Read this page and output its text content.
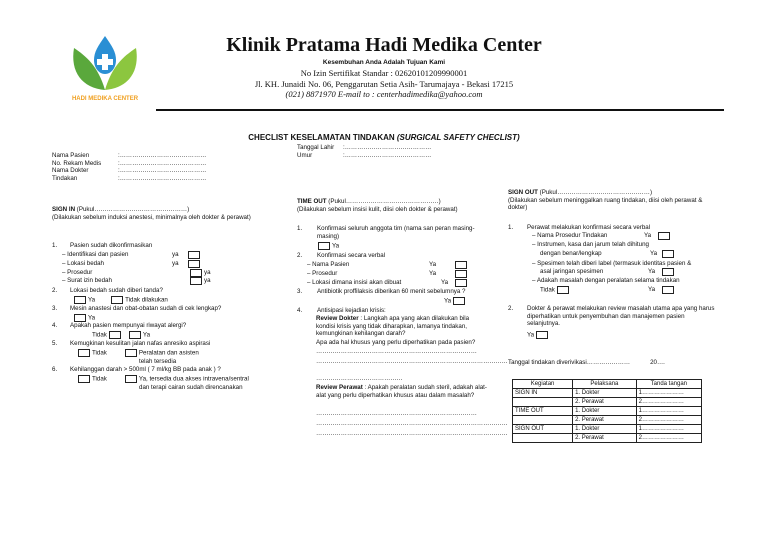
HADI MEDIKA CENTER
Klinik Pratama Hadi Medika Center
Kesembuhan Anda Adalah Tujuan Kami
No Izin Sertifikat Standar : 02620101209990001
Jl. KH. Junaidi No. 06, Penggarutan Setia Asih- Tarumajaya - Bekasi 17215
(021) 8871970 E-mail to : centerhadimedika@yahoo.com
CHECLIST KESELAMATAN TINDAKAN (SURGICAL SAFETY CHECLIST)
Nama Pasien	:……………………………………
No. Rekam Medis	:……………………………………
Nama Dokter	:……………………………………
Tindakan	:……………………………………
Tanggal Lahir :……………………………………
Umur	:……………………………………
SIGN IN (Pukul………………………………………)
(Dilakukan sebelum induksi anestesi, minimalnya oleh dokter & perawat)
1. Pasien sudah dikonfirmasikan
– Identifikasi dan pasien	ya
– Lokasi bedah	ya
– Prosedur	ya
– Surat izin bedah	ya
2. Lokasi bedah sudah diberi tanda?
Ya	Tidak dilakukan
3. Mesin anastesi dan obat-obatan sudah di cek lengkap?
Ya
4. Apakah pasien mempunyai riwayat alergi?
Tidak	Ya
5. Kemugkinan kesulitan jalan nafas anresiko aspirasi
Tidak	Peralatan dan asisten
telah tersedia
6. Kehilanggan darah > 500ml ( 7 ml/kg BB pada anak ) ?
Tidak	Ya, tersedia dua akses intravena/sentral
dan terapi cairan sudah direncanakan
TIME OUT (Pukul………………………………………)
(Dilakukan sebelum insisi kulit, diisi oleh dokter & perawat)
1. Konfirmasi seluruh anggota tim (nama san peran masing-masing)
Ya
2. Konfirmasi secara verbal
– Nama Pasien	Ya
– Prosedur	Ya
– Lokasi dimana insisi akan dibuat	Ya
3. Antibiotik proffilaksis diberikan 60 menit sebelumnya ?
Ya
4. Antisipasi kejadian krisis:
Review Dokter : Langkah apa yang akan dilakukan bila kondisi krisis yang tidak diharapkan, lamanya tindakan, kemungkinan kehilangan darah?
Apa ada hal khusus yang perlu diperhatikan pada pasien?
……………………………………………………………………
…………………………………………………………………………………
……………………………………
Review Perawat : Apakah peralatan sudah steril, adakah alat-alat yang perlu diperhatikan khusus atau dalam masalah?
……………………………………………………………………
…………………………………………………………………………………
…………………………………………………………………………………
SIGN OUT (Pukul………………………………………)
(Dilakukan sebelum meninggalkan ruang tindakan, diisi oleh perawat & dokter)
1. Perawat melakukan konfirmasi secara verbal
– Nama Prosedur Tindakan	Ya
– Instrumen, kasa dan jarum telah dihitung
dengan benar/lengkap	Ya
– Spesimen telah diberi label (termasuk identitas pasien &
asal jaringan spesimen	Ya
– Adakah masalah dengan peralatan selama tindakan
Tidak	Ya
2. Dokter & perawat melakukan review masalah utama apa yang harus diperhatikan untuk penyembuhan dan manajemen pasien selanjutnya.
Ya
Tanggal tindakan diverivikasi…………………	20….
Kegiatan	Pelaksana	Tanda tangan
SIGN IN	1. Dokter	1…………………
	2. Perawat	2…………………
TIME OUT	1. Dokter	1…………………
	2. Perawat	2…………………
SIGN OUT	1. Dokter	1…………………
	2. Perawat	2…………………
